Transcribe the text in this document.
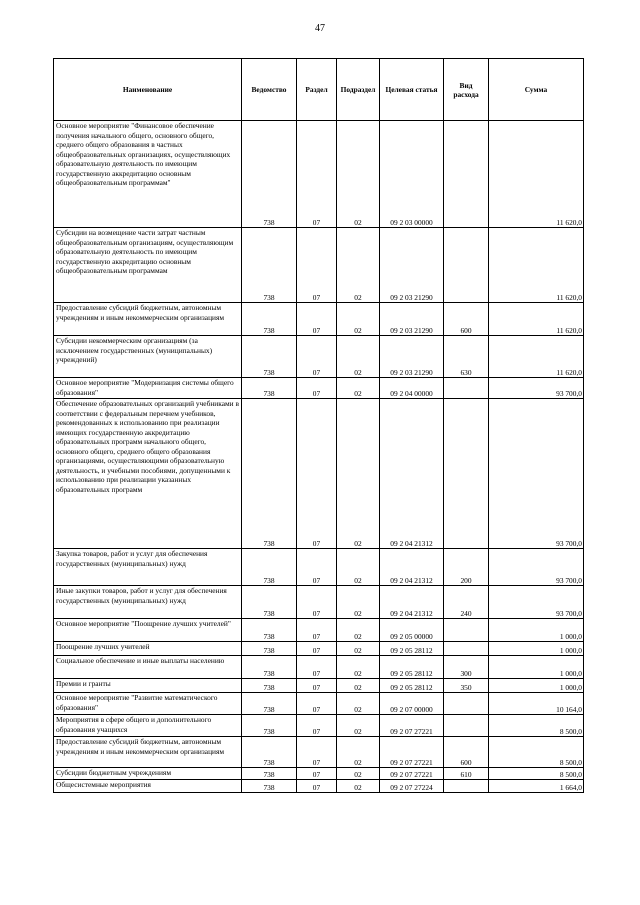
47
Наименование	Ведомство	Раздел	Подраздел	Целевая статья	Вид расхода	Сумма
Основное мероприятие "Финансовое обеспечение получения начального общего, основного общего, среднего общего образования в частных общеобразовательных организациях, осуществляющих образовательную деятельность по имеющим государственную аккредитацию основным общеобразовательным программам"	738	07	02	09 2 03 00000		11 620,0
Субсидии на возмещение части затрат частным общеобразовательным организациям, осуществляющим образовательную деятельность по имеющим государственную аккредитацию основным общеобразовательным программам	738	07	02	09 2 03 21290		11 620,0
Предоставление субсидий бюджетным, автономным учреждениям и иным некоммерческим организациям	738	07	02	09 2 03 21290	600	11 620,0
Субсидии некоммерческим организациям (за исключением государственных (муниципальных) учреждений)	738	07	02	09 2 03 21290	630	11 620,0
Основное мероприятие "Модернизация системы общего образования"	738	07	02	09 2 04 00000		93 700,0
Обеспечение образовательных организаций учебниками в соответствии с федеральным перечнем учебников, рекомендованных к использованию при реализации имеющих государственную аккредитацию образовательных программ начального общего, основного общего, среднего общего образования организациями, осуществляющими образовательную деятельность, и учебными пособиями, допущенными к использованию при реализации указанных образовательных программ	738	07	02	09 2 04 21312		93 700,0
Закупка товаров, работ и услуг для обеспечения государственных (муниципальных) нужд	738	07	02	09 2 04 21312	200	93 700,0
Иные закупки товаров, работ и услуг для обеспечения государственных (муниципальных) нужд	738	07	02	09 2 04 21312	240	93 700,0
Основное мероприятие "Поощрение лучших учителей"	738	07	02	09 2 05 00000		1 000,0
Поощрение лучших учителей	738	07	02	09 2 05 28112		1 000,0
Социальное обеспечение и иные выплаты населению	738	07	02	09 2 05 28112	300	1 000,0
Премии и гранты	738	07	02	09 2 05 28112	350	1 000,0
Основное мероприятие "Развитие математического образования"	738	07	02	09 2 07 00000		10 164,0
Мероприятия в сфере общего и дополнительного образования учащихся	738	07	02	09 2 07 27221		8 500,0
Предоставление субсидий бюджетным, автономным учреждениям и иным некоммерческим организациям	738	07	02	09 2 07 27221	600	8 500,0
Субсидии бюджетным учреждениям	738	07	02	09 2 07 27221	610	8 500,0
Общесистемные мероприятия	738	07	02	09 2 07 27224		1 664,0
